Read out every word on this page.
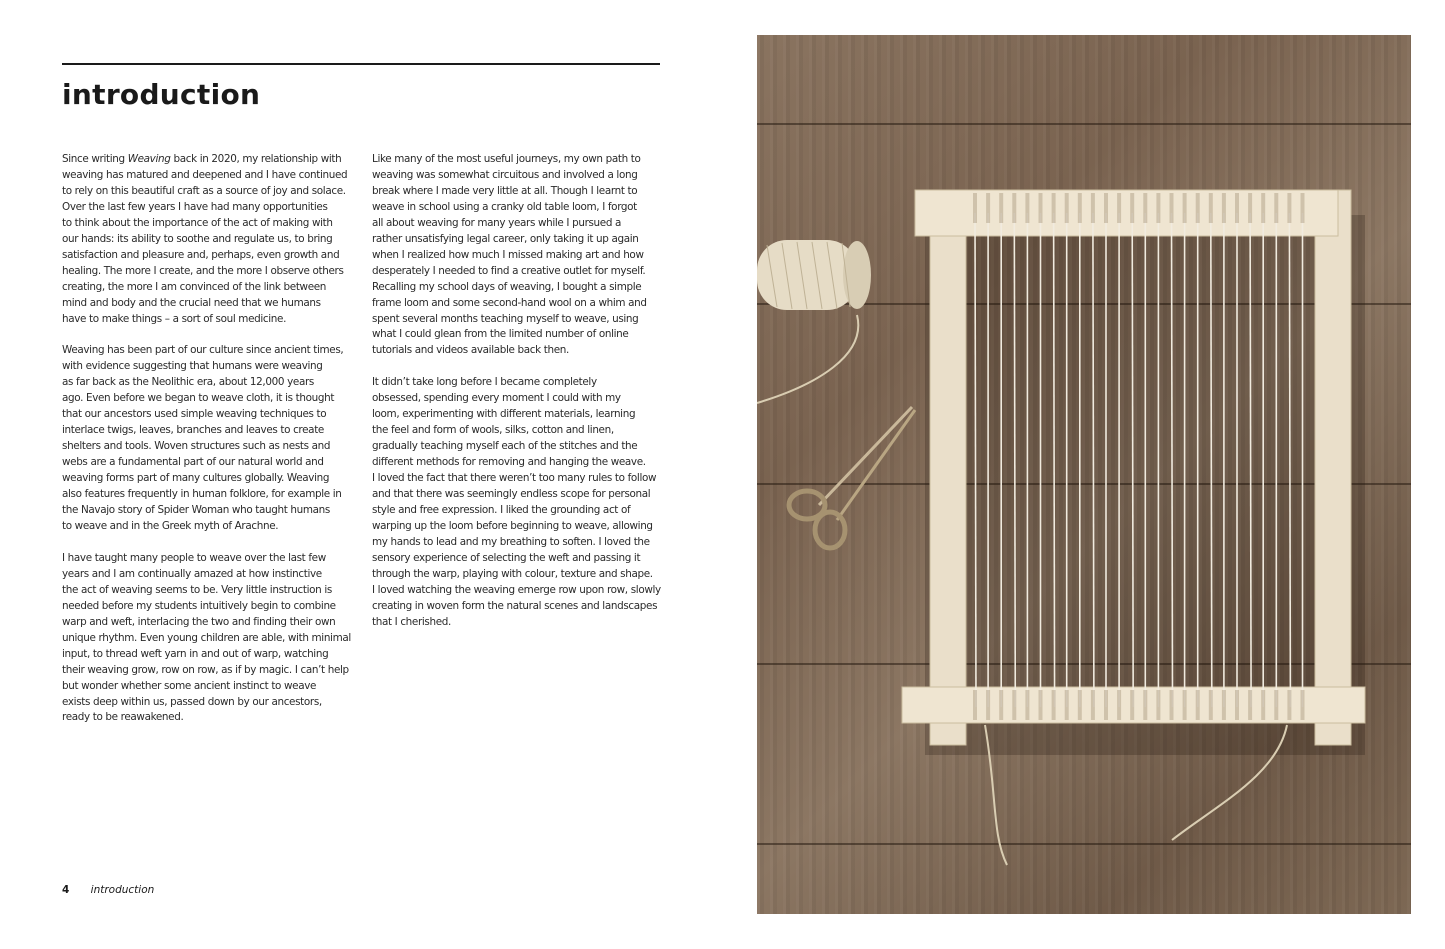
introduction

Since writing Weaving back in 2020, my relationship with
weaving has matured and deepened and I have continued
to rely on this beautiful craft as a source of joy and solace.
Over the last few years I have had many opportunities
to think about the importance of the act of making with
our hands: its ability to soothe and regulate us, to bring
satisfaction and pleasure and, perhaps, even growth and
healing. The more I create, and the more I observe others
creating, the more I am convinced of the link between
mind and body and the crucial need that we humans
have to make things – a sort of soul medicine.

Weaving has been part of our culture since ancient times,
with evidence suggesting that humans were weaving
as far back as the Neolithic era, about 12,000 years
ago. Even before we began to weave cloth, it is thought
that our ancestors used simple weaving techniques to
interlace twigs, leaves, branches and leaves to create
shelters and tools. Woven structures such as nests and
webs are a fundamental part of our natural world and
weaving forms part of many cultures globally. Weaving
also features frequently in human folklore, for example in
the Navajo story of Spider Woman who taught humans
to weave and in the Greek myth of Arachne.

I have taught many people to weave over the last few
years and I am continually amazed at how instinctive
the act of weaving seems to be. Very little instruction is
needed before my students intuitively begin to combine
warp and weft, interlacing the two and finding their own
unique rhythm. Even young children are able, with minimal
input, to thread weft yarn in and out of warp, watching
their weaving grow, row on row, as if by magic. I can’t help
but wonder whether some ancient instinct to weave
exists deep within us, passed down by our ancestors,
ready to be reawakened.

Like many of the most useful journeys, my own path to
weaving was somewhat circuitous and involved a long
break where I made very little at all. Though I learnt to
weave in school using a cranky old table loom, I forgot
all about weaving for many years while I pursued a
rather unsatisfying legal career, only taking it up again
when I realized how much I missed making art and how
desperately I needed to find a creative outlet for myself.
Recalling my school days of weaving, I bought a simple
frame loom and some second-hand wool on a whim and
spent several months teaching myself to weave, using
what I could glean from the limited number of online
tutorials and videos available back then.

It didn’t take long before I became completely
obsessed, spending every moment I could with my
loom, experimenting with different materials, learning
the feel and form of wools, silks, cotton and linen,
gradually teaching myself each of the stitches and the
different methods for removing and hanging the weave.
I loved the fact that there weren’t too many rules to follow
and that there was seemingly endless scope for personal
style and free expression. I liked the grounding act of
warping up the loom before beginning to weave, allowing
my hands to lead and my breathing to soften. I loved the
sensory experience of selecting the weft and passing it
through the warp, playing with colour, texture and shape.
I loved watching the weaving emerge row upon row, slowly
creating in woven form the natural scenes and landscapes
that I cherished.

4 introduction
